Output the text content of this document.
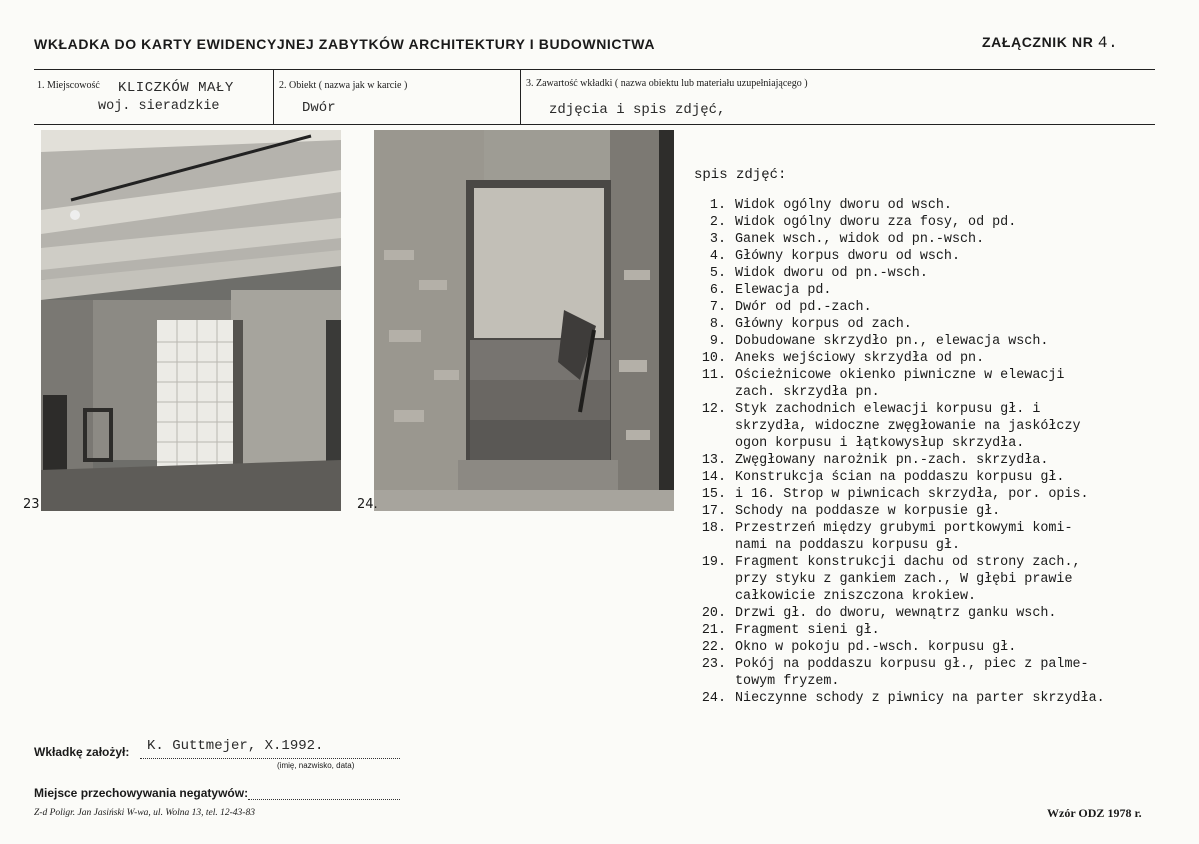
WKŁADKA DO KARTY EWIDENCYJNEJ ZABYTKÓW ARCHITEKTURY I BUDOWNICTWA	ZAŁĄCZNIK NR 4.
1. Miejscowość KLICZKÓW MAŁY
woj. sieradzkie
2. Obiekt ( nazwa jak w karcie )
Dwór
3. Zawartość wkładki ( nazwa obiektu lub materiału uzupełniającego )
zdjęcia i spis zdjęć,
23	24.
spis zdjęć:
1. Widok ogólny dworu od wsch.
2. Widok ogólny dworu zza fosy, od pd.
3. Ganek wsch., widok od pn.-wsch.
4. Główny korpus dworu od wsch.
5. Widok dworu od pn.-wsch.
6. Elewacja pd.
7. Dwór od pd.-zach.
8. Główny korpus od zach.
9. Dobudowane skrzydło pn., elewacja wsch.
10. Aneks wejściowy skrzydła od pn.
11. Ościeżnicowe okienko piwniczne w elewacji
zach. skrzydła pn.
12. Styk zachodnich elewacji korpusu gł. i
skrzydła, widoczne zwęgłowanie na jaskółczy
ogon korpusu i łątkowysłup skrzydła.
13. Zwęgłowany narożnik pn.-zach. skrzydła.
14. Konstrukcja ścian na poddaszu korpusu gł.
15. i 16. Strop w piwnicach skrzydła, por. opis.
17. Schody na poddasze w korpusie gł.
18. Przestrzeń między grubymi portkowymi komi-
nami na poddaszu korpusu gł.
19. Fragment konstrukcji dachu od strony zach.,
przy styku z gankiem zach., W głębi prawie
całkowicie zniszczona krokiew.
20. Drzwi gł. do dworu, wewnątrz ganku wsch.
21. Fragment sieni gł.
22. Okno w pokoju pd.-wsch. korpusu gł.
23. Pokój na poddaszu korpusu gł., piec z palme-
towym fryzem.
24. Nieczynne schody z piwnicy na parter skrzydła.
Wkładkę założył: K. Guttmejer, X.1992.
(imię, nazwisko, data)
Miejsce przechowywania negatywów:
Z-d Poligr. Jan Jasiński W-wa, ul. Wolna 13, tel. 12-43-83	Wzór ODZ 1978 r.
